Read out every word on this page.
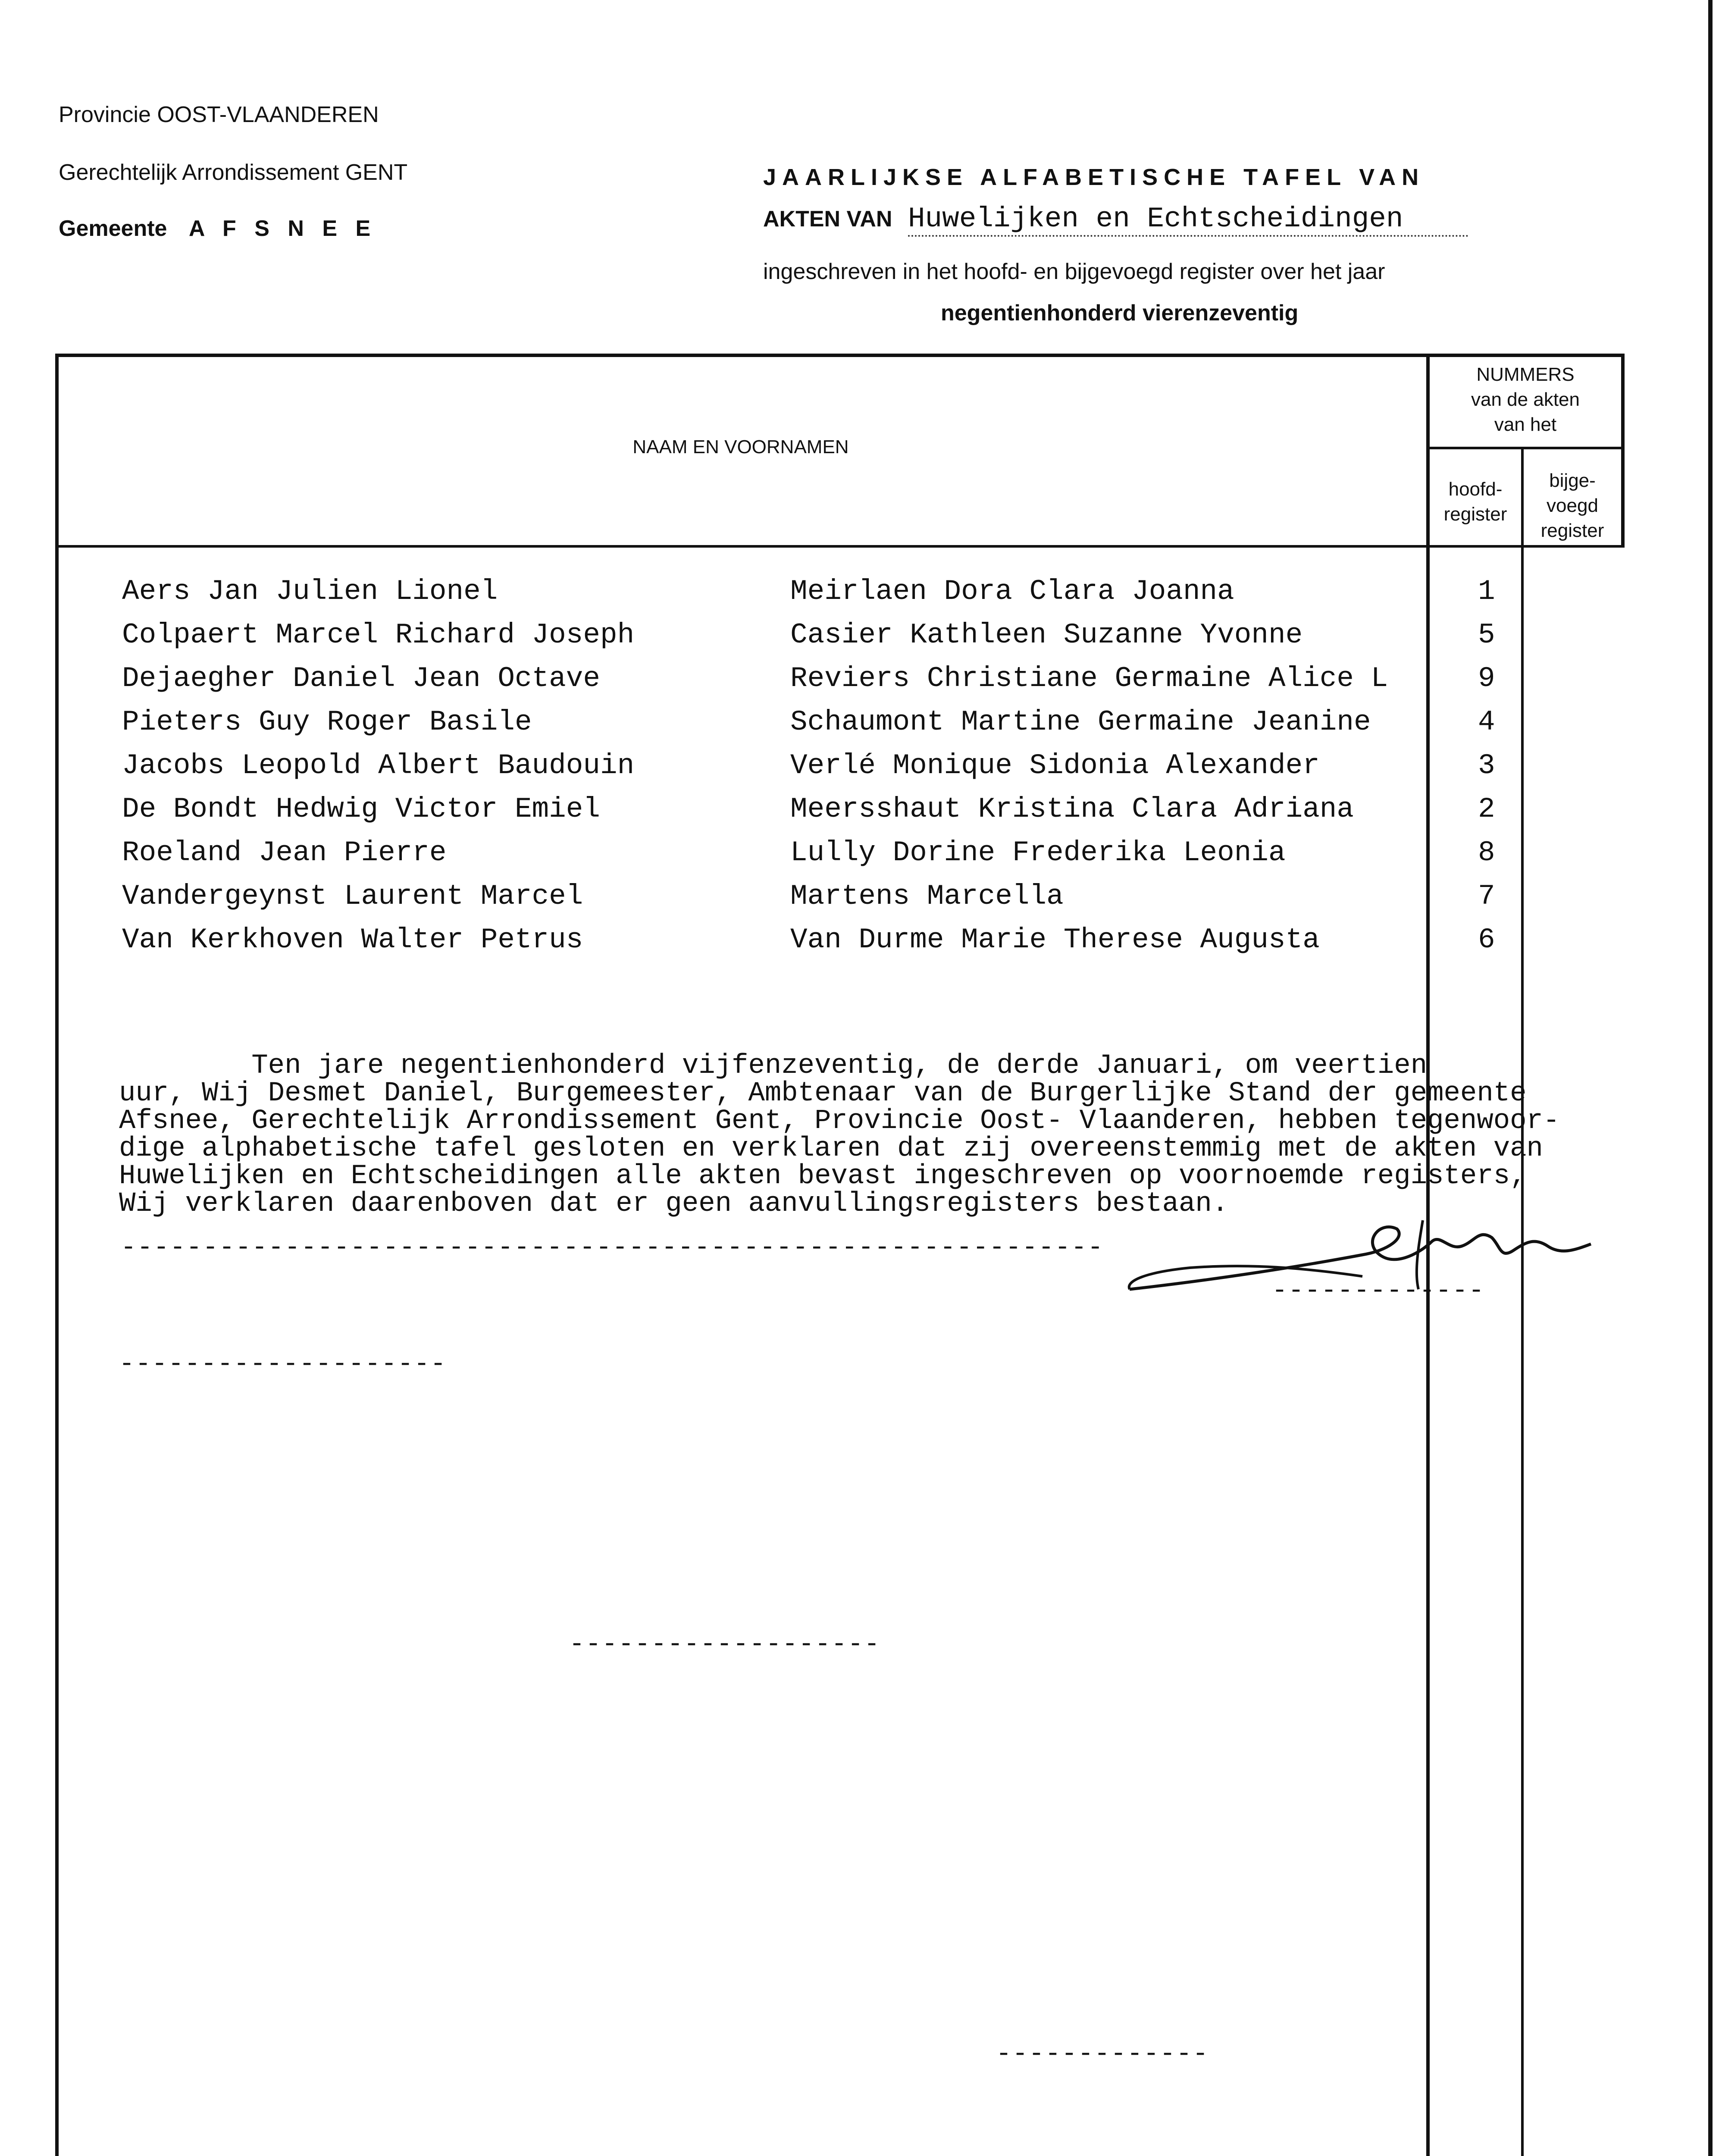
Provincie OOST-VLAANDEREN
Gerechtelijk Arrondissement GENT
Gemeente A F S N E E
JAARLIJKSE ALFABETISCHE TAFEL VAN
AKTEN VAN Huwelijken en Echtscheidingen
ingeschreven in het hoofd- en bijgevoegd register over het jaar
negentienhonderd vierenzeventig
NAAM EN VOORNAMEN
NUMMERS
van de akten
van het
hoofd-
register
bijge-
voegd
register
Aers Jan Julien Lionel	Meirlaen Dora Clara Joanna	1
Colpaert Marcel Richard Joseph	Casier Kathleen Suzanne Yvonne	5
Dejaegher Daniel Jean Octave	Reviers Christiane Germaine Alice L	9
Pieters Guy Roger Basile	Schaumont Martine Germaine Jeanine	4
Jacobs Leopold Albert Baudouin	Verlé Monique Sidonia Alexander	3
De Bondt Hedwig Victor Emiel	Meersshaut Kristina Clara Adriana	2
Roeland Jean Pierre	Lully Dorine Frederika Leonia	8
Vandergeynst Laurent Marcel	Martens Marcella	7
Van Kerkhoven Walter Petrus	Van Durme Marie Therese Augusta	6
Ten jare negentienhonderd vijfenzeventig, de derde Januari, om veertien
uur, Wij Desmet Daniel, Burgemeester, Ambtenaar van de Burgerlijke Stand der gemeente
Afsnee, Gerechtelijk Arrondissement Gent, Provincie Oost- Vlaanderen, hebben tegenwoor-
dige alphabetische tafel gesloten en verklaren dat zij overeenstemmig met de akten van
Huwelijken en Echtscheidingen alle akten bevast ingeschreven op voornoemde registers,
Wij verklaren daarenboven dat er geen aanvullingsregisters bestaan.
------------------------------------------------------------
-------------
--------------------
-------------------
-------------
